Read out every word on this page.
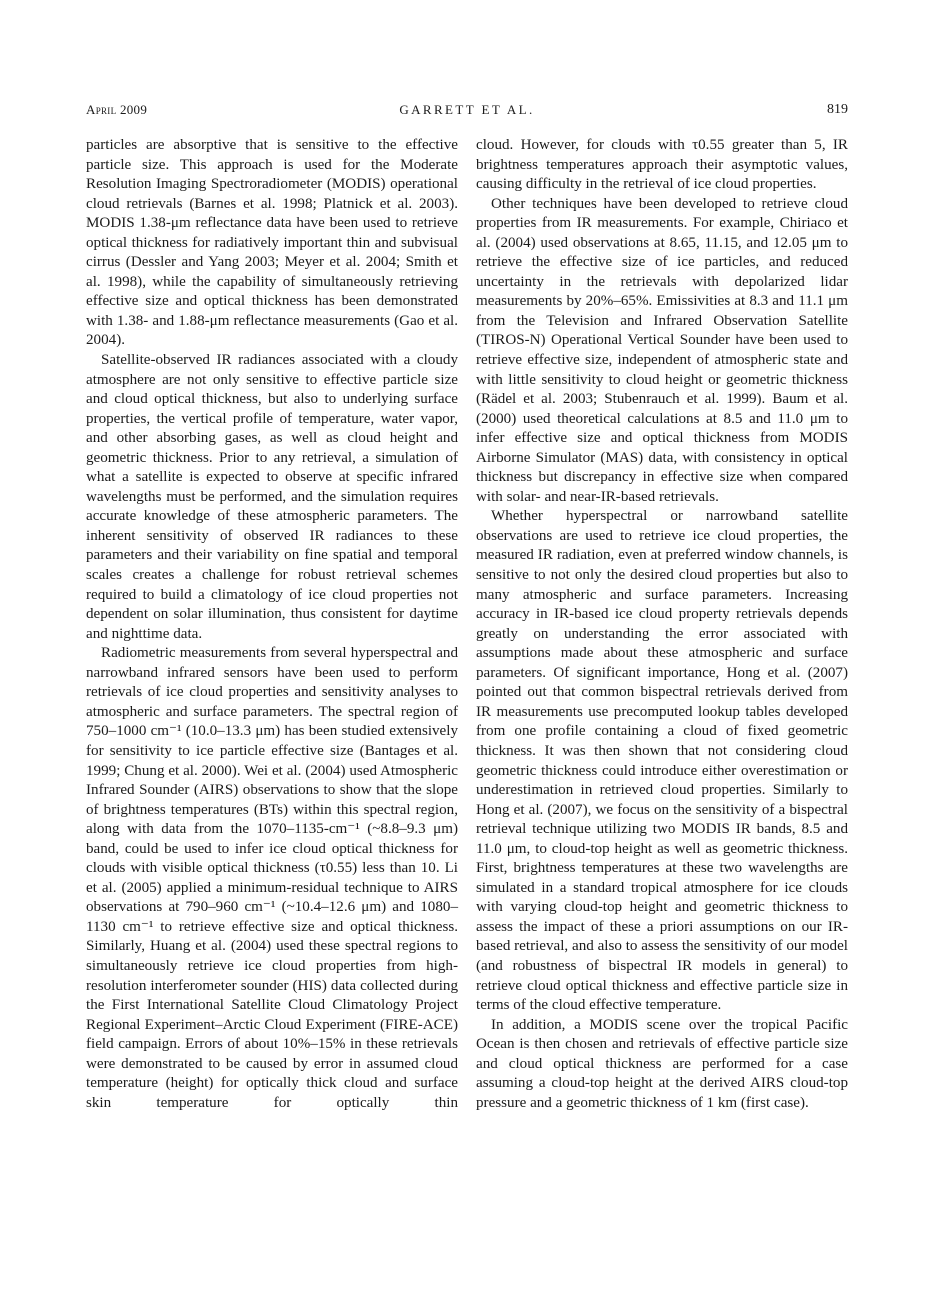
April 2009	GARRETT ET AL.	819

particles are absorptive that is sensitive to the effective particle size. This approach is used for the Moderate Resolution Imaging Spectroradiometer (MODIS) operational cloud retrievals (Barnes et al. 1998; Platnick et al. 2003). MODIS 1.38-μm reflectance data have been used to retrieve optical thickness for radiatively important thin and subvisual cirrus (Dessler and Yang 2003; Meyer et al. 2004; Smith et al. 1998), while the capability of simultaneously retrieving effective size and optical thickness has been demonstrated with 1.38- and 1.88-μm reflectance measurements (Gao et al. 2004).

Satellite-observed IR radiances associated with a cloudy atmosphere are not only sensitive to effective particle size and cloud optical thickness, but also to underlying surface properties, the vertical profile of temperature, water vapor, and other absorbing gases, as well as cloud height and geometric thickness. Prior to any retrieval, a simulation of what a satellite is expected to observe at specific infrared wavelengths must be performed, and the simulation requires accurate knowledge of these atmospheric parameters. The inherent sensitivity of observed IR radiances to these parameters and their variability on fine spatial and temporal scales creates a challenge for robust retrieval schemes required to build a climatology of ice cloud properties not dependent on solar illumination, thus consistent for daytime and nighttime data.

Radiometric measurements from several hyperspectral and narrowband infrared sensors have been used to perform retrievals of ice cloud properties and sensitivity analyses to atmospheric and surface parameters. The spectral region of 750–1000 cm⁻¹ (10.0–13.3 μm) has been studied extensively for sensitivity to ice particle effective size (Bantages et al. 1999; Chung et al. 2000). Wei et al. (2004) used Atmospheric Infrared Sounder (AIRS) observations to show that the slope of brightness temperatures (BTs) within this spectral region, along with data from the 1070–1135-cm⁻¹ (~8.8–9.3 μm) band, could be used to infer ice cloud optical thickness for clouds with visible optical thickness (τ0.55) less than 10. Li et al. (2005) applied a minimum-residual technique to AIRS observations at 790–960 cm⁻¹ (~10.4–12.6 μm) and 1080–1130 cm⁻¹ to retrieve effective size and optical thickness. Similarly, Huang et al. (2004) used these spectral regions to simultaneously retrieve ice cloud properties from high-resolution interferometer sounder (HIS) data collected during the First International Satellite Cloud Climatology Project Regional Experiment–Arctic Cloud Experiment (FIRE-ACE) field campaign. Errors of about 10%–15% in these retrievals were demonstrated to be caused by error in assumed cloud temperature (height) for optically thick cloud and surface skin temperature for optically thin

cloud. However, for clouds with τ0.55 greater than 5, IR brightness temperatures approach their asymptotic values, causing difficulty in the retrieval of ice cloud properties.

Other techniques have been developed to retrieve cloud properties from IR measurements. For example, Chiriaco et al. (2004) used observations at 8.65, 11.15, and 12.05 μm to retrieve the effective size of ice particles, and reduced uncertainty in the retrievals with depolarized lidar measurements by 20%–65%. Emissivities at 8.3 and 11.1 μm from the Television and Infrared Observation Satellite (TIROS-N) Operational Vertical Sounder have been used to retrieve effective size, independent of atmospheric state and with little sensitivity to cloud height or geometric thickness (Rädel et al. 2003; Stubenrauch et al. 1999). Baum et al. (2000) used theoretical calculations at 8.5 and 11.0 μm to infer effective size and optical thickness from MODIS Airborne Simulator (MAS) data, with consistency in optical thickness but discrepancy in effective size when compared with solar- and near-IR-based retrievals.

Whether hyperspectral or narrowband satellite observations are used to retrieve ice cloud properties, the measured IR radiation, even at preferred window channels, is sensitive to not only the desired cloud properties but also to many atmospheric and surface parameters. Increasing accuracy in IR-based ice cloud property retrievals depends greatly on understanding the error associated with assumptions made about these atmospheric and surface parameters. Of significant importance, Hong et al. (2007) pointed out that common bispectral retrievals derived from IR measurements use precomputed lookup tables developed from one profile containing a cloud of fixed geometric thickness. It was then shown that not considering cloud geometric thickness could introduce either overestimation or underestimation in retrieved cloud properties. Similarly to Hong et al. (2007), we focus on the sensitivity of a bispectral retrieval technique utilizing two MODIS IR bands, 8.5 and 11.0 μm, to cloud-top height as well as geometric thickness. First, brightness temperatures at these two wavelengths are simulated in a standard tropical atmosphere for ice clouds with varying cloud-top height and geometric thickness to assess the impact of these a priori assumptions on our IR-based retrieval, and also to assess the sensitivity of our model (and robustness of bispectral IR models in general) to retrieve cloud optical thickness and effective particle size in terms of the cloud effective temperature.

In addition, a MODIS scene over the tropical Pacific Ocean is then chosen and retrievals of effective particle size and cloud optical thickness are performed for a case assuming a cloud-top height at the derived AIRS cloud-top pressure and a geometric thickness of 1 km (first case).
